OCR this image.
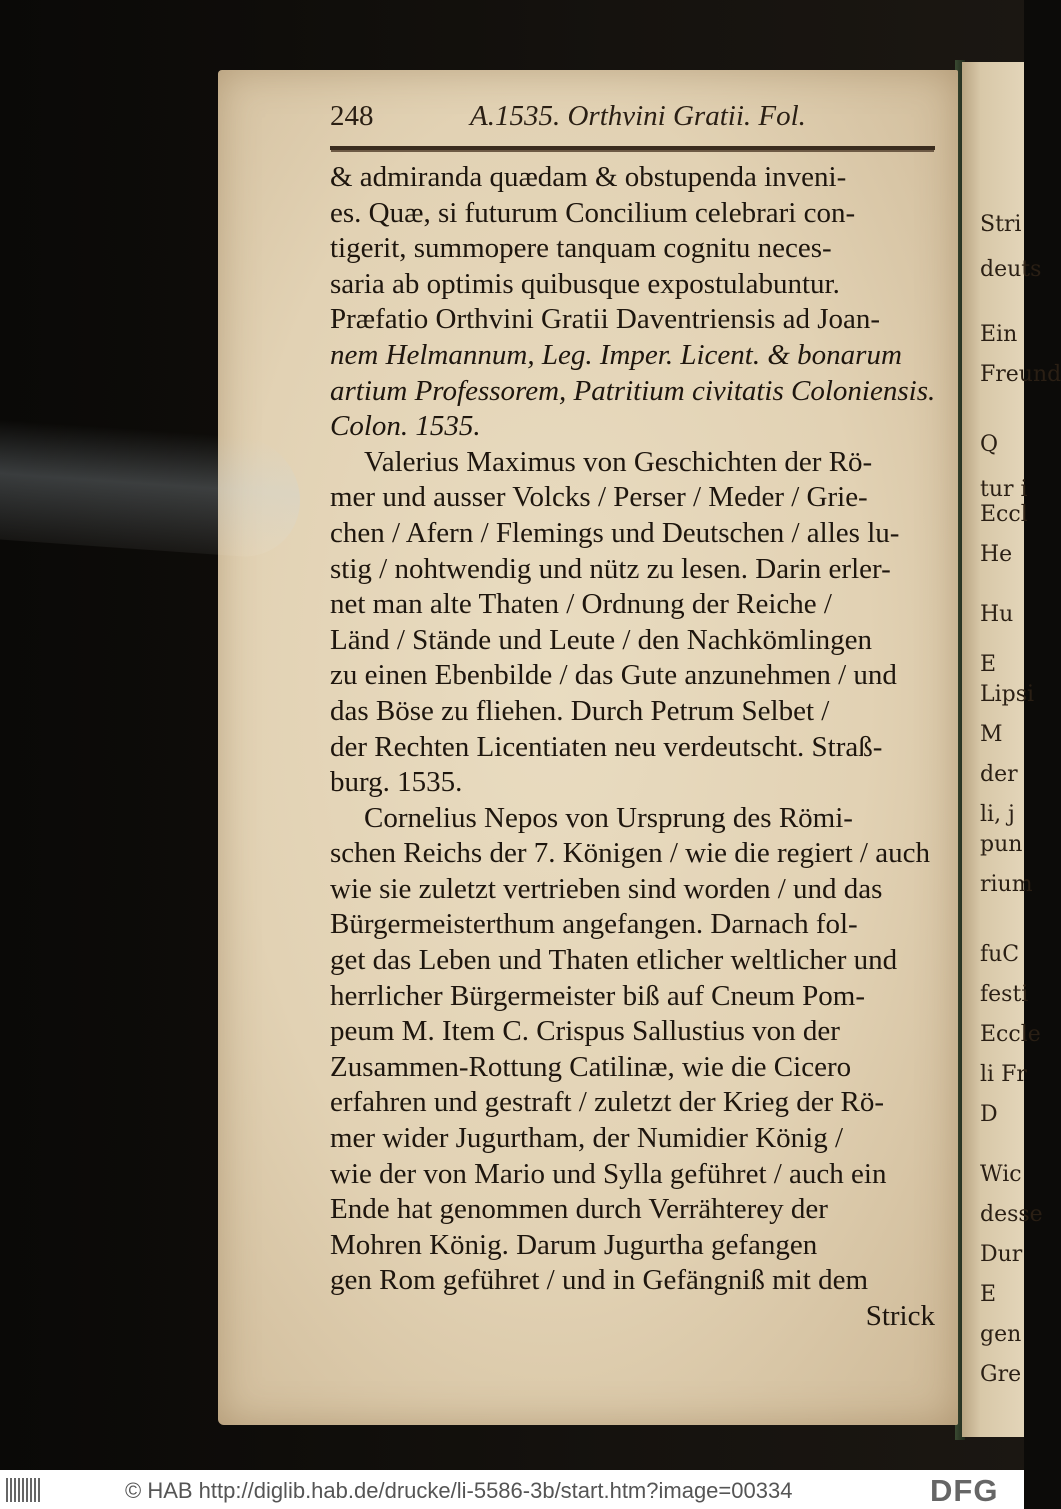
Stri
deuts
Ein
Freund
Q
tur i
Eccl
He
Hu
E
Lipsi
M
der
li, j
pun
rium
fuC
festi
Eccle
li Fr
D
Wic
desse
Dur
E
gen
Gre
248	A.1535. Orthvini Gratii. Fol.
& admiranda quædam & obstupenda inveni-
es. Quæ, si futurum Concilium celebrari con-
tigerit, summopere tanquam cognitu neces-
saria ab optimis quibusque expostulabuntur.
Præfatio Orthvini Gratii Daventriensis ad Joan-
nem Helmannum, Leg. Imper. Licent. & bonarum
artium Professorem, Patritium civitatis Coloniensis.
Colon. 1535.
Valerius Maximus von Geschichten der Rö-
mer und ausser Volcks / Perser / Meder / Grie-
chen / Afern / Flemings und Deutschen / alles lu-
stig / nohtwendig und nütz zu lesen. Darin erler-
net man alte Thaten / Ordnung der Reiche /
Länd / Stände und Leute / den Nachkömlingen
zu einen Ebenbilde / das Gute anzunehmen / und
das Böse zu fliehen. Durch Petrum Selbet /
der Rechten Licentiaten neu verdeutscht. Straß-
burg. 1535.
Cornelius Nepos von Ursprung des Römi-
schen Reichs der 7. Königen / wie die regiert / auch
wie sie zuletzt vertrieben sind worden / und das
Bürgermeisterthum angefangen. Darnach fol-
get das Leben und Thaten etlicher weltlicher und
herrlicher Bürgermeister biß auf Cneum Pom-
peum M. Item C. Crispus Sallustius von der
Zusammen-Rottung Catilinæ, wie die Cicero
erfahren und gestraft / zuletzt der Krieg der Rö-
mer wider Jugurtham, der Numidier König /
wie der von Mario und Sylla geführet / auch ein
Ende hat genommen durch Verrähterey der
Mohren König. Darum Jugurtha gefangen
gen Rom geführet / und in Gefängniß mit dem
Strick
© HAB http://diglib.hab.de/drucke/li-5586-3b/start.htm?image=00334	DFG
